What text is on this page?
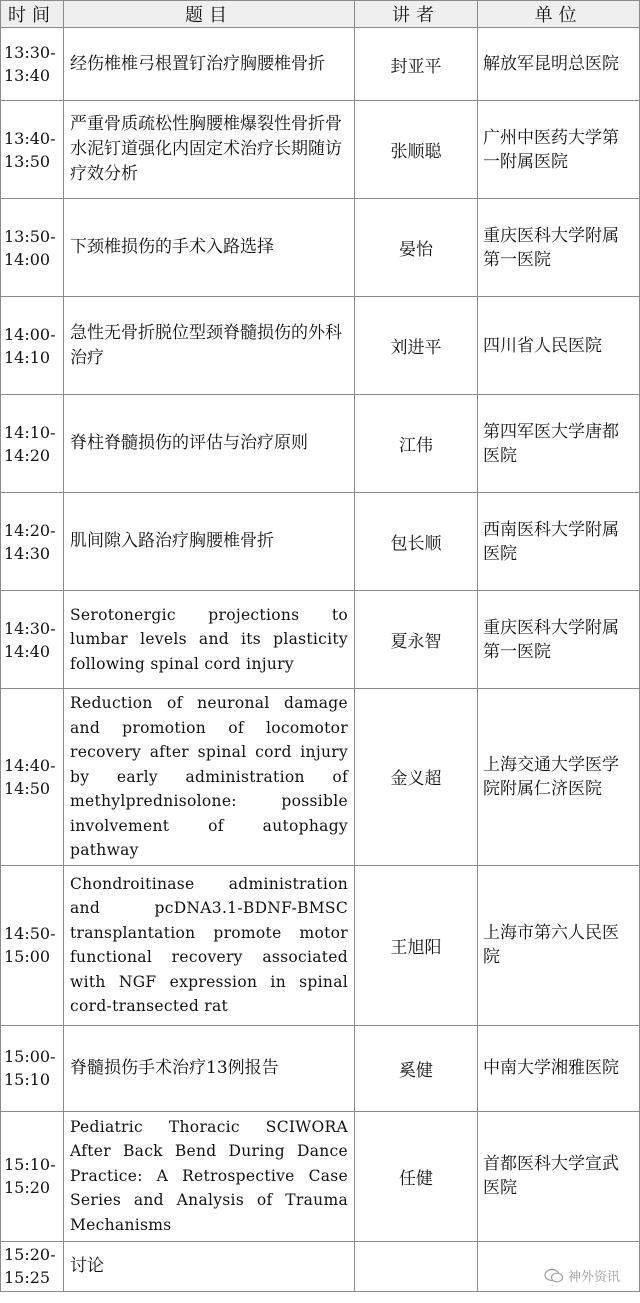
时间	题目	讲者	单位

13:30-
13:40	经伤椎椎弓根置钉治疗胸腰椎骨折	封亚平	解放军昆明总医院

13:40-
13:50	严重骨质疏松性胸腰椎爆裂性骨折骨水泥钉道强化内固定术治疗长期随访疗效分析	张顺聪	广州中医药大学第一附属医院

13:50-
14:00	下颈椎损伤的手术入路选择	晏怡	重庆医科大学附属第一医院

14:00-
14:10	急性无骨折脱位型颈脊髓损伤的外科治疗	刘进平	四川省人民医院

14:10-
14:20	脊柱脊髓损伤的评估与治疗原则	江伟	第四军医大学唐都医院

14:20-
14:30	肌间隙入路治疗胸腰椎骨折	包长顺	西南医科大学附属医院

14:30-
14:40	Serotonergic projections to lumbar levels and its plasticity following spinal cord injury	夏永智	重庆医科大学附属第一医院

14:40-
14:50	Reduction of neuronal damage and promotion of locomotor recovery after spinal cord injury by early administration of methylprednisolone: possible involvement of autophagy pathway	金义超	上海交通大学医学院附属仁济医院

14:50-
15:00	Chondroitinase administration and pcDNA3.1-BDNF-BMSC transplantation promote motor functional recovery associated with NGF expression in spinal cord-transected rat	王旭阳	上海市第六人民医院

15:00-
15:10	脊髓损伤手术治疗13例报告	奚健	中南大学湘雅医院

15:10-
15:20	Pediatric Thoracic SCIWORA After Back Bend During Dance Practice: A Retrospective Case Series and Analysis of Trauma Mechanisms	任健	首都医科大学宣武医院

15:20-
15:25	讨论		
神外资讯
